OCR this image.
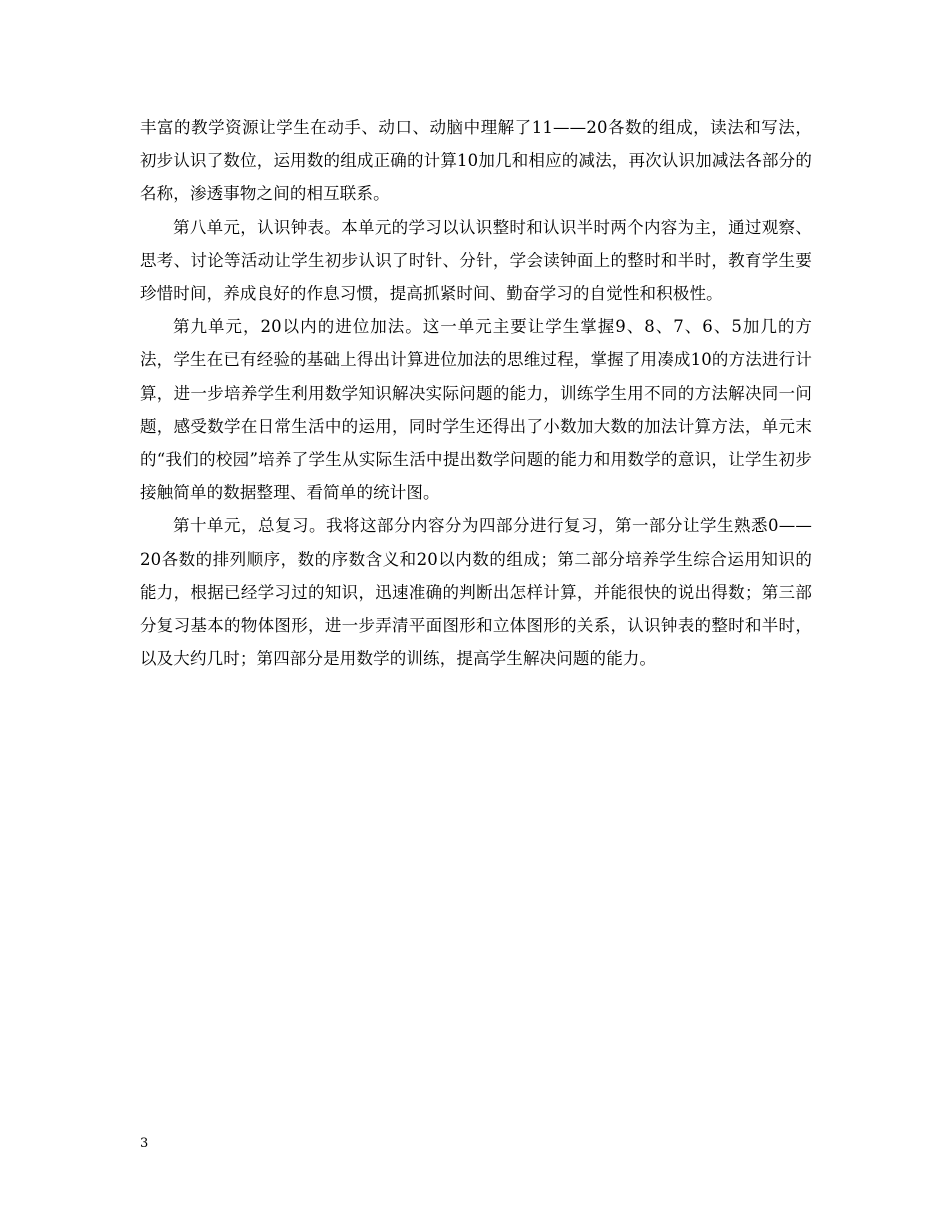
丰富的教学资源让学生在动手、动口、动脑中理解了11——20各数的组成，读法和写法，初步认识了数位，运用数的组成正确的计算10加几和相应的减法，再次认识加减法各部分的名称，渗透事物之间的相互联系。

第八单元，认识钟表。本单元的学习以认识整时和认识半时两个内容为主，通过观察、思考、讨论等活动让学生初步认识了时针、分针，学会读钟面上的整时和半时，教育学生要珍惜时间，养成良好的作息习惯，提高抓紧时间、勤奋学习的自觉性和积极性。

第九单元，20以内的进位加法。这一单元主要让学生掌握9、8、7、6、5加几的方法，学生在已有经验的基础上得出计算进位加法的思维过程，掌握了用凑成10的方法进行计算，进一步培养学生利用数学知识解决实际问题的能力，训练学生用不同的方法解决同一问题，感受数学在日常生活中的运用，同时学生还得出了小数加大数的加法计算方法，单元末的“我们的校园”培养了学生从实际生活中提出数学问题的能力和用数学的意识，让学生初步接触简单的数据整理、看简单的统计图。

第十单元，总复习。我将这部分内容分为四部分进行复习，第一部分让学生熟悉0——20各数的排列顺序，数的序数含义和20以内数的组成；第二部分培养学生综合运用知识的能力，根据已经学习过的知识，迅速准确的判断出怎样计算，并能很快的说出得数；第三部分复习基本的物体图形，进一步弄清平面图形和立体图形的关系，认识钟表的整时和半时，以及大约几时；第四部分是用数学的训练，提高学生解决问题的能力。

3
